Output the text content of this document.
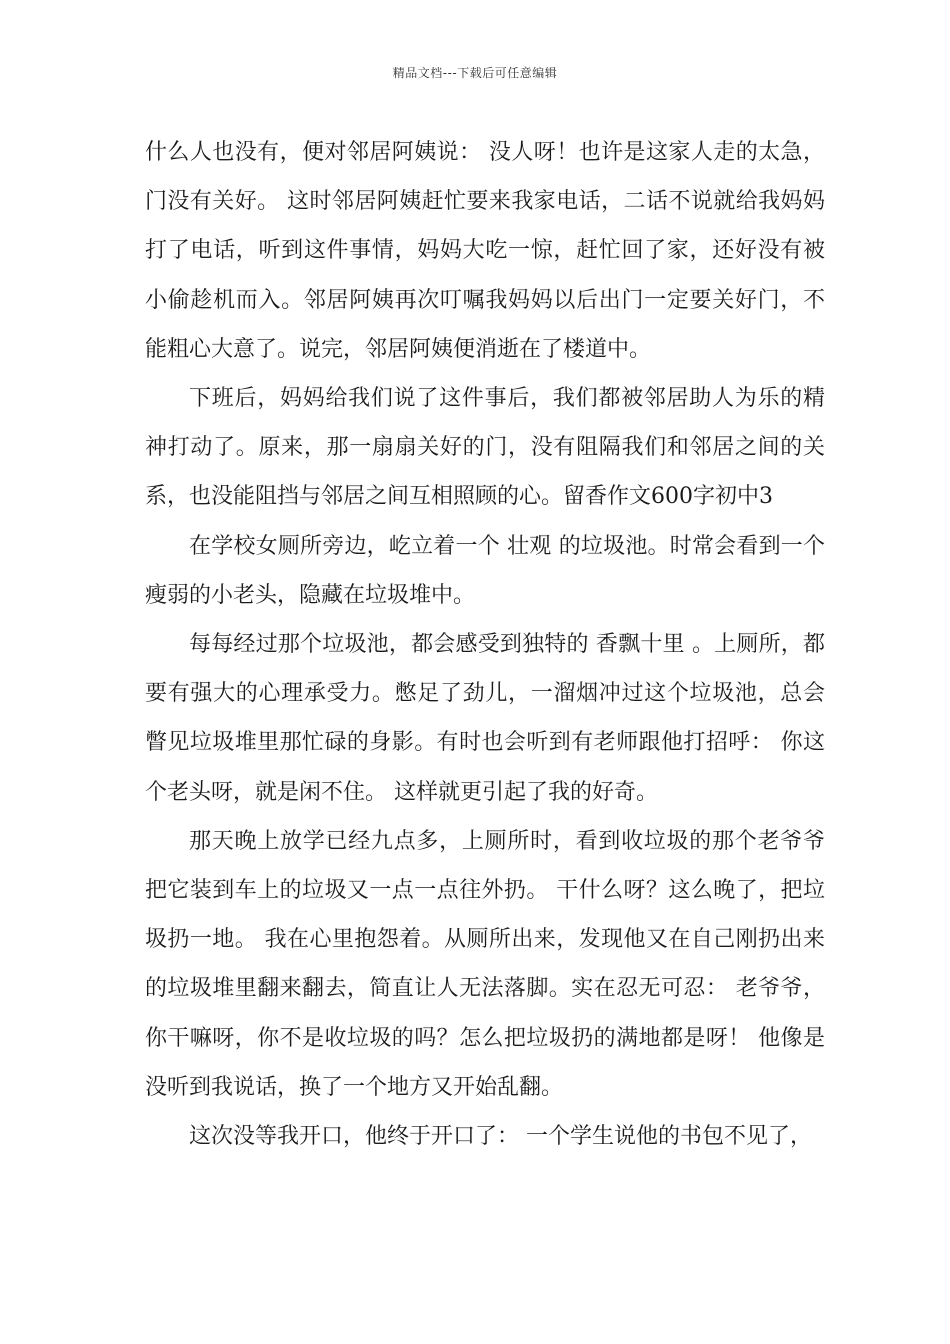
精品文档---下载后可任意编辑

什么人也没有，便对邻居阿姨说： 没人呀！也许是这家人走的太急，门没有关好。 这时邻居阿姨赶忙要来我家电话，二话不说就给我妈妈打了电话，听到这件事情，妈妈大吃一惊，赶忙回了家，还好没有被小偷趁机而入。邻居阿姨再次叮嘱我妈妈以后出门一定要关好门，不能粗心大意了。说完，邻居阿姨便消逝在了楼道中。

下班后，妈妈给我们说了这件事后，我们都被邻居助人为乐的精神打动了。原来，那一扇扇关好的门，没有阻隔我们和邻居之间的关系，也没能阻挡与邻居之间互相照顾的心。留香作文600字初中3

在学校女厕所旁边，屹立着一个 壮观 的垃圾池。时常会看到一个瘦弱的小老头，隐藏在垃圾堆中。

每每经过那个垃圾池，都会感受到独特的 香飘十里 。上厕所，都要有强大的心理承受力。憋足了劲儿，一溜烟冲过这个垃圾池，总会瞥见垃圾堆里那忙碌的身影。有时也会听到有老师跟他打招呼： 你这个老头呀，就是闲不住。 这样就更引起了我的好奇。

那天晚上放学已经九点多，上厕所时，看到收垃圾的那个老爷爷把它装到车上的垃圾又一点一点往外扔。 干什么呀？这么晚了，把垃圾扔一地。 我在心里抱怨着。从厕所出来，发现他又在自己刚扔出来的垃圾堆里翻来翻去，简直让人无法落脚。实在忍无可忍： 老爷爷，你干嘛呀，你不是收垃圾的吗？怎么把垃圾扔的满地都是呀！ 他像是没听到我说话，换了一个地方又开始乱翻。

这次没等我开口，他终于开口了： 一个学生说他的书包不见了，
